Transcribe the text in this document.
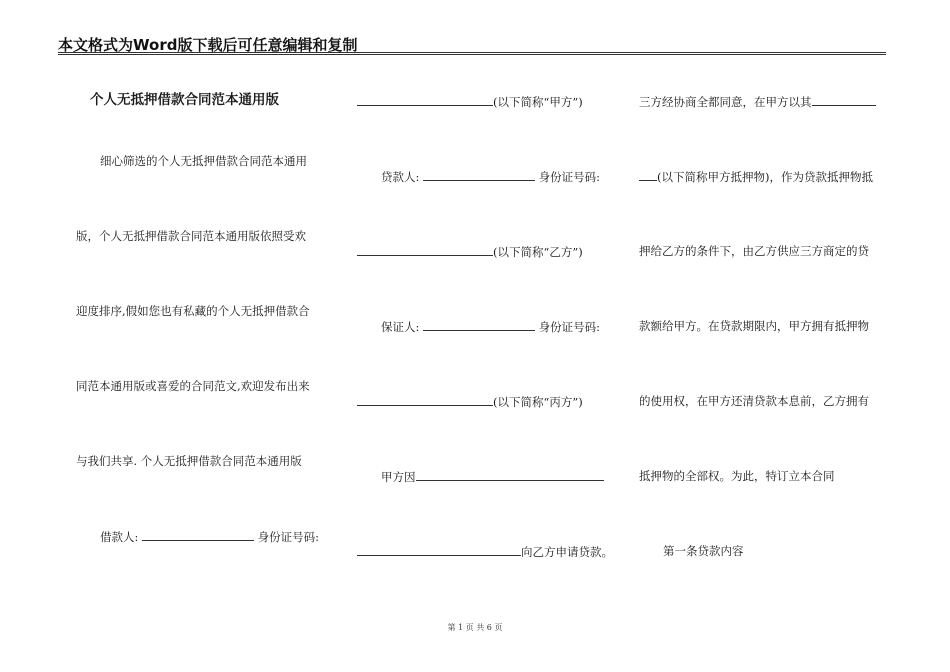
本文格式为Word版下载后可任意编辑和复制
个人无抵押借款合同范本通用版
细心筛选的个人无抵押借款合同范本通用
版，个人无抵押借款合同范本通用版依照受欢
迎度排序,假如您也有私藏的个人无抵押借款合
同范本通用版或喜爱的合同范文,欢迎发布出来
与我们共享. 个人无抵押借款合同范本通用版
借款人:	身份证号码:
(以下简称“甲方”)
贷款人:	身份证号码:
(以下简称“乙方”)
保证人:	身份证号码:
(以下简称“丙方”)
甲方因
向乙方申请贷款。
三方经协商全都同意，在甲方以其
(以下简称甲方抵押物)，作为贷款抵押物抵
押给乙方的条件下，由乙方供应三方商定的贷
款额给甲方。在贷款期限内，甲方拥有抵押物
的使用权，在甲方还清贷款本息前，乙方拥有
抵押物的全部权。为此，特订立本合同
第一条贷款内容
第 1 页 共 6 页
